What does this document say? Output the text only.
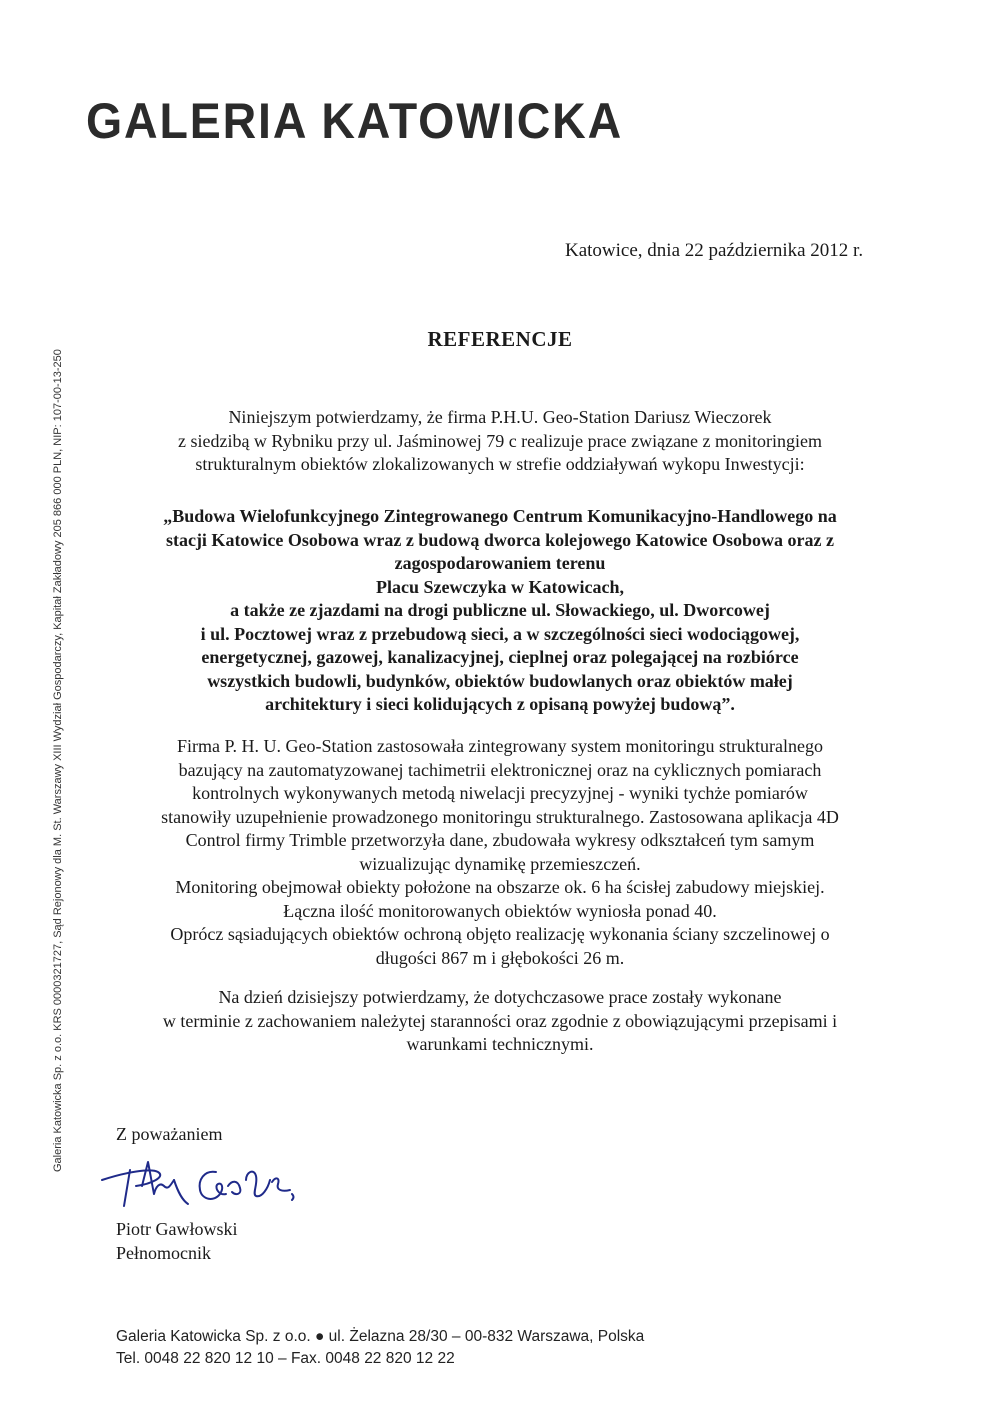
GALERIA KATOWICKA
Galeria Katowicka Sp. z o.o. KRS 0000321727, Sąd Rejonowy dla M. St. Warszawy XIII Wydział Gospodarczy, Kapitał Zakładowy 205 866 000 PLN, NIP: 107-00-13-250
Katowice, dnia 22 października 2012 r.
REFERENCJE
Niniejszym potwierdzamy, że firma P.H.U. Geo-Station Dariusz Wieczorek
z siedzibą w Rybniku przy ul. Jaśminowej 79 c realizuje prace związane z monitoringiem
strukturalnym obiektów zlokalizowanych w strefie oddziaływań wykopu Inwestycji:
„Budowa Wielofunkcyjnego Zintegrowanego Centrum Komunikacyjno-Handlowego na
stacji Katowice Osobowa wraz z budową dworca kolejowego Katowice Osobowa oraz z
zagospodarowaniem terenu
Placu Szewczyka w Katowicach,
a także ze zjazdami na drogi publiczne ul. Słowackiego, ul. Dworcowej
i ul. Pocztowej wraz z przebudową sieci, a w szczególności sieci wodociągowej,
energetycznej, gazowej, kanalizacyjnej, cieplnej oraz polegającej na rozbiórce
wszystkich budowli, budynków, obiektów budowlanych oraz obiektów małej
architektury i sieci kolidujących z opisaną powyżej budową”.
Firma P. H. U. Geo-Station zastosowała zintegrowany system monitoringu strukturalnego
bazujący na zautomatyzowanej tachimetrii elektronicznej oraz na cyklicznych pomiarach
kontrolnych wykonywanych metodą niwelacji precyzyjnej - wyniki tychże pomiarów
stanowiły uzupełnienie prowadzonego monitoringu strukturalnego. Zastosowana aplikacja 4D
Control firmy Trimble przetworzyła dane, zbudowała wykresy odkształceń tym samym
wizualizując dynamikę przemieszczeń.
Monitoring obejmował obiekty położone na obszarze ok. 6 ha ścisłej zabudowy miejskiej.
Łączna ilość monitorowanych obiektów wyniosła ponad 40.
Oprócz sąsiadujących obiektów ochroną objęto realizację wykonania ściany szczelinowej o
długości 867 m i głębokości 26 m.
Na dzień dzisiejszy potwierdzamy, że dotychczasowe prace zostały wykonane
w terminie z zachowaniem należytej staranności oraz zgodnie z obowiązującymi przepisami i
warunkami technicznymi.
Z poważaniem
Piotr Gawłowski
Pełnomocnik
Galeria Katowicka Sp. z o.o. ● ul. Żelazna 28/30 – 00-832 Warszawa, Polska
Tel. 0048 22 820 12 10 – Fax. 0048 22 820 12 22
